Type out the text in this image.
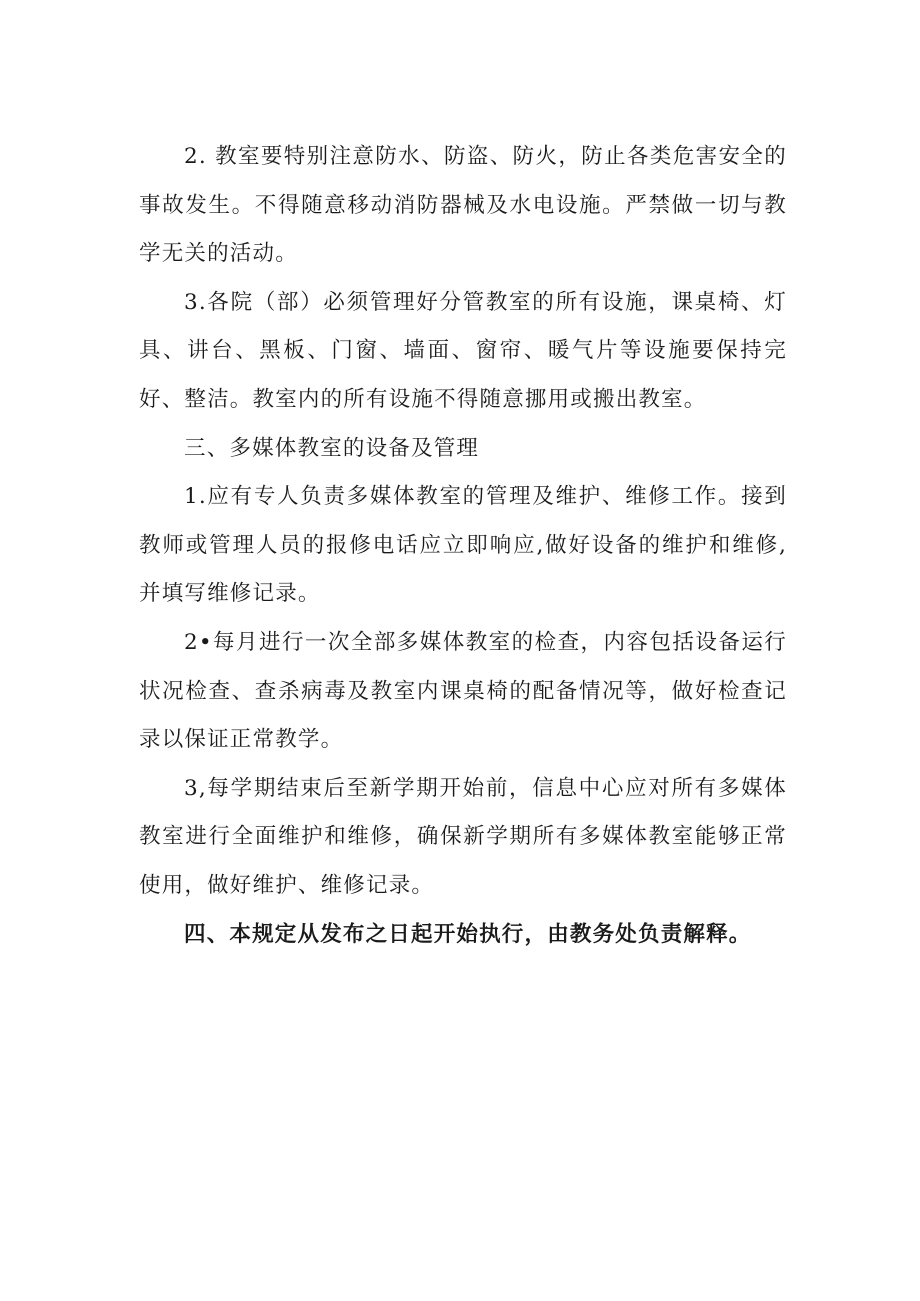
2. 教室要特别注意防水、防盗、防火，防止各类危害安全的事故发生。不得随意移动消防器械及水电设施。严禁做一切与教学无关的活动。

3.各院（部）必须管理好分管教室的所有设施，课桌椅、灯具、讲台、黑板、门窗、墙面、窗帘、暖气片等设施要保持完好、整洁。教室内的所有设施不得随意挪用或搬出教室。

三、多媒体教室的设备及管理

1.应有专人负责多媒体教室的管理及维护、维修工作。接到教师或管理人员的报修电话应立即响应,做好设备的维护和维修,并填写维修记录。

2•每月进行一次全部多媒体教室的检查，内容包括设备运行状况检查、查杀病毒及教室内课桌椅的配备情况等，做好检查记录以保证正常教学。

3,每学期结束后至新学期开始前，信息中心应对所有多媒体教室进行全面维护和维修，确保新学期所有多媒体教室能够正常使用，做好维护、维修记录。

四、本规定从发布之日起开始执行，由教务处负责解释。
